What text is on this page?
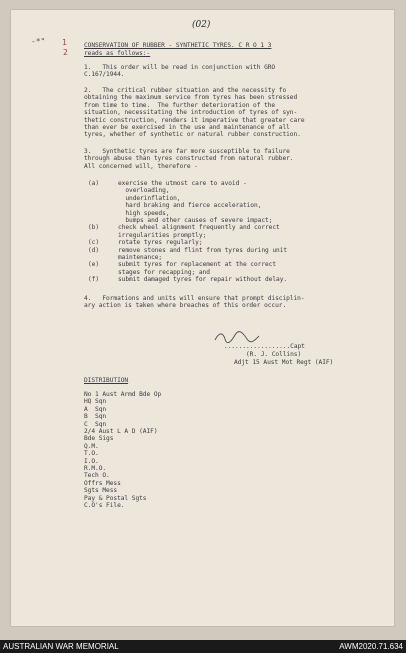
(02)
-*" 1
2
CONSERVATION OF RUBBER - SYNTHETIC TYRES. C R O 1 3
reads as follows:-
1.   This order will be read in conjunction with GRO
C.167/1944.
2.   The critical rubber situation and the necessity fo
obtaining the maximum service from tyres has been stressed
from time to time.  The further deterioration of the
situation, necessitating the introduction of tyres of syn-
thetic construction, renders it imperative that greater care
than ever be exercised in the use and maintenance of all
tyres, whether of synthetic or natural rubber construction.
3.   Synthetic tyres are far more susceptible to failure
through abuse than tyres constructed from natural rubber.
All concerned will, therefore -
(a)	exercise the utmost care to avoid -
overloading,
underinflation,
hard braking and fierce acceleration,
high speeds,
bumps and other causes of severe impact;
(b)	check wheel alignment frequently and correct
irregularities promptly;
(c)	rotate tyres regularly;
(d)	remove stones and flint from tyres during unit
maintenance;
(e)	submit tyres for replacement at the correct
stages for recapping; and
(f)	submit damaged tyres for repair without delay.
4.   Formations and units will ensure that prompt disciplin-
ary action is taken where breaches of this order occur.
..................Capt
(R. J. Collins)
Adjt 15 Aust Mot Regt (AIF)
DISTRIBUTION
No 1 Aust Armd Bde Op
HQ Sqn
A  Sqn
B  Sqn
C  Sqn
2/4 Aust L A D (AIF)
Bde Sigs
Q.M.
T.O.
I.O.
R.M.O.
Tech O.
Offrs Mess
Sgts Mess
Pay & Postal Sgts
C.O's File.
AUSTRALIAN WAR MEMORIAL	AWM2020.71.634
